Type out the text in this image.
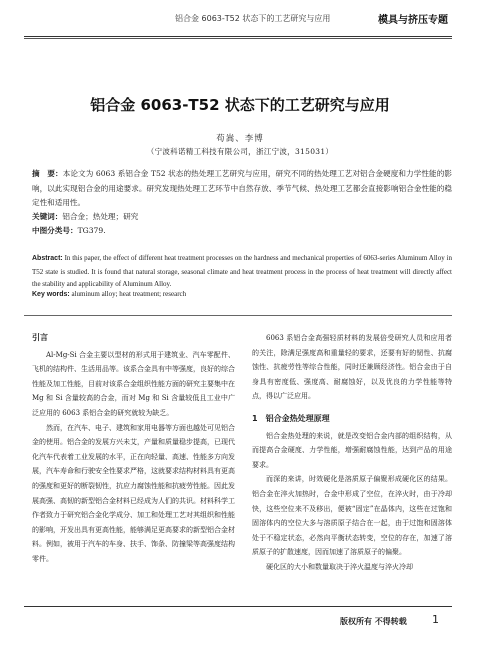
铝合金 6063-T52 状态下的工艺研究与应用	模具与挤压专题
铝合金 6063-T52 状态下的工艺研究与应用
苟嵩、李博
（宁波科诺精工科技有限公司，浙江宁波，315031）
摘　要：本论文为 6063 系铝合金 T52 状态的热处理工艺研究与应用，研究不同的热处理工艺对铝合金硬度和力学性能的影响，以此实现铝合金的用途要求。研究发现热处理工艺环节中自然存放、季节气候、热处理工艺都会直接影响铝合金性能的稳定性和适用性。
关键词：铝合金；热处理；研究
中图分类号：TG379.
Abstract: In this paper, the effect of different heat treatment processes on the hardness and mechanical properties of 6063-series Aluminum Alloy in T52 state is studied. It is found that natural storage, seasonal climate and heat treatment process in the process of heat treatment will directly affect the stability and applicability of Aluminum Alloy.
Key words: aluminum alloy; heat treatment; research
引言

Al-Mg-Si 合金主要以型材的形式用于建筑业、汽车零配件、飞机的结构件、生活用品等。该系合金具有中等强度，良好的综合性能及加工性能，目前对该系合金组织性能方面的研究主要集中在 Mg 和 Si 含量较高的合金，而对 Mg 和 Si 含量较低且工业中广泛应用的 6063 系铝合金的研究就较为缺乏。

然而，在汽车、电子、建筑和家用电器等方面也越处可见铝合金的使用。铝合金的发展方兴未艾，产量和质量稳步提高，已现代化汽车代表着工业发展的水平，正在向轻量、高速、性能多方向发展，汽车寿命和行驶安全性要求严格，这就要求结构材料具有更高的强度和更好的断裂韧性，抗应力腐蚀性能和抗疲劳性能。因此发展高强、高韧的新型铝合金材料已经成为人们的共识。材料科学工作者致力于研究铝合金化学成分、加工和处理工艺对其组织和性能的影响，开发出具有更高性能，能够满足更高要求的新型铝合金材料。例如，被用于汽车的车身、扶手、饰条、防撞梁等高强度结构零件。

6063 系铝合金高强轻质材料的发展倍受研究人员和应用者的关注，除满足强度高和重量轻的要求，还要有好的韧性、抗腐蚀性、抗疲劳性等综合性能，同时还兼顾经济性。铝合金由于自身具有密度低、强度高、耐腐蚀好，以及优良的力学性能等特点，得以广泛应用。

1　铝合金热处理原理

铝合金热处理的来说，就是改变铝合金内部的组织结构，从而提高合金硬度、力学性能，增强耐腐蚀性能，达到产品的用途要求。

而深的来讲，时效硬化是溶质原子偏聚形成硬化区的结果。铝合金在淬火加热时，合金中形成了空位，在淬火时，由于冷却快，这些空位来不及移出，便被“固定”在晶体内，这些在过饱和固溶体内的空位大多与溶质原子结合在一起，由于过饱和固溶体处于不稳定状态，必然向平衡状态转变，空位的存在，加速了溶质原子的扩散速度，因而加速了溶质原子的偏聚。

硬化区的大小和数量取决于淬火温度与淬火冷却

版权所有 不得转载 1
